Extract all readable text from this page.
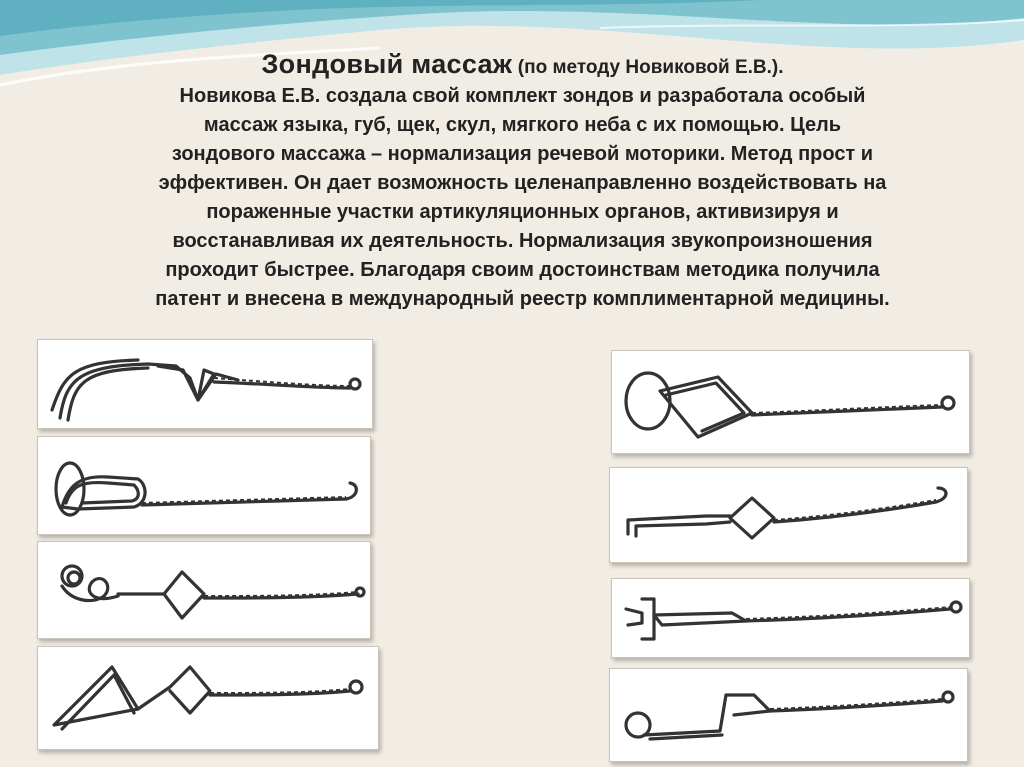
Зондовый массаж (по методу Новиковой Е.В.).
Новикова Е.В. создала свой комплект зондов и разработала особый
массаж языка, губ, щек, скул, мягкого неба с их помощью. Цель
зондового массажа – нормализация речевой моторики. Метод прост и
эффективен. Он дает возможность целенаправленно воздействовать на
пораженные участки артикуляционных органов, активизируя и
восстанавливая их деятельность. Нормализация звукопроизношения
проходит быстрее. Благодаря своим достоинствам методика получила
патент и внесена в международный реестр комплиментарной медицины.
